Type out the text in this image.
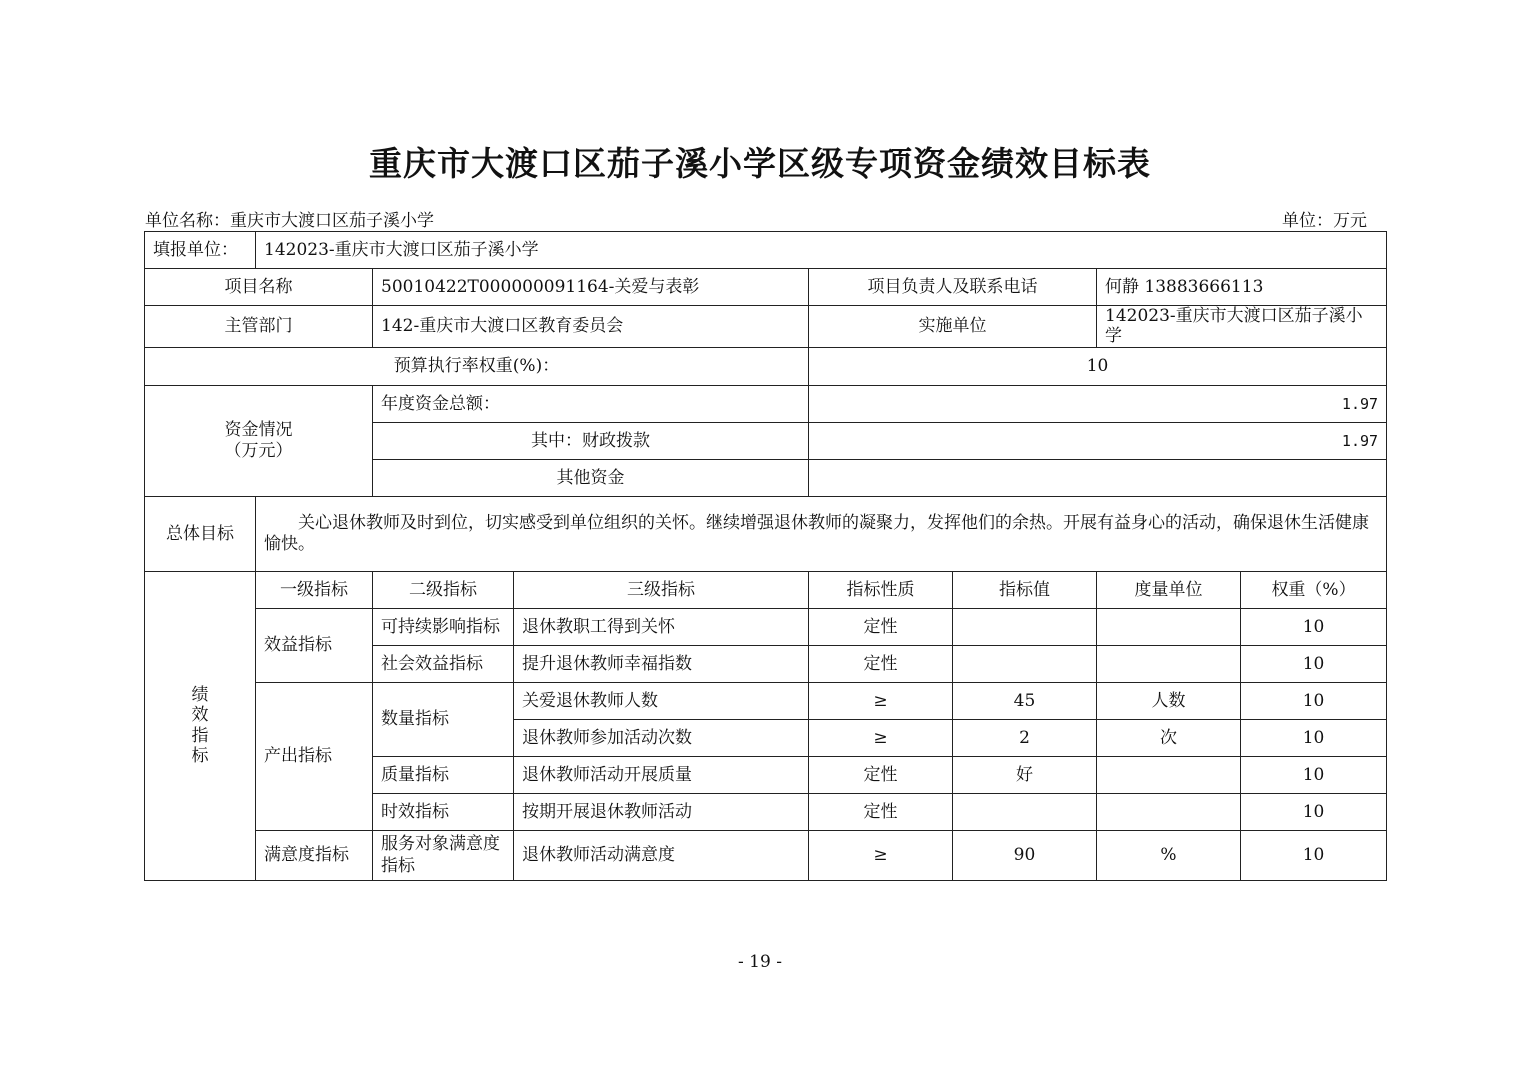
重庆市大渡口区茄子溪小学区级专项资金绩效目标表
单位名称：重庆市大渡口区茄子溪小学	单位：万元
填报单位：	142023-重庆市大渡口区茄子溪小学						
项目名称		50010422T000000091164-关爱与表彰		项目负责人及联系电话		何静 13883666113	
主管部门		142-重庆市大渡口区教育委员会		实施单位		142023-重庆市大渡口区茄子溪小学	
预算执行率权重(%)：				10			

资金情况
（万元）		年度资金总额：		1.97			
		其中：财政拨款		1.97			
		其他资金					
总体目标	关心退休教师及时到位，切实感受到单位组织的关怀。继续增强退休教师的凝聚力，发挥他们的余热。开展有益身心的活动，确保退休生活健康愉快。						

绩
效
指
标	一级指标	二级指标	三级指标	指标性质	指标值	度量单位	权重（%）
	效益指标	可持续影响指标	退休教职工得到关怀	定性			10
		社会效益指标	提升退休教师幸福指数	定性			10
	产出指标	数量指标	关爱退休教师人数	≥	45	人数	10
			退休教师参加活动次数	≥	2	次	10
		质量指标	退休教师活动开展质量	定性	好		10
		时效指标	按期开展退休教师活动	定性			10
	满意度指标	服务对象满意度指标	退休教师活动满意度	≥	90	%	10
- 19 -
